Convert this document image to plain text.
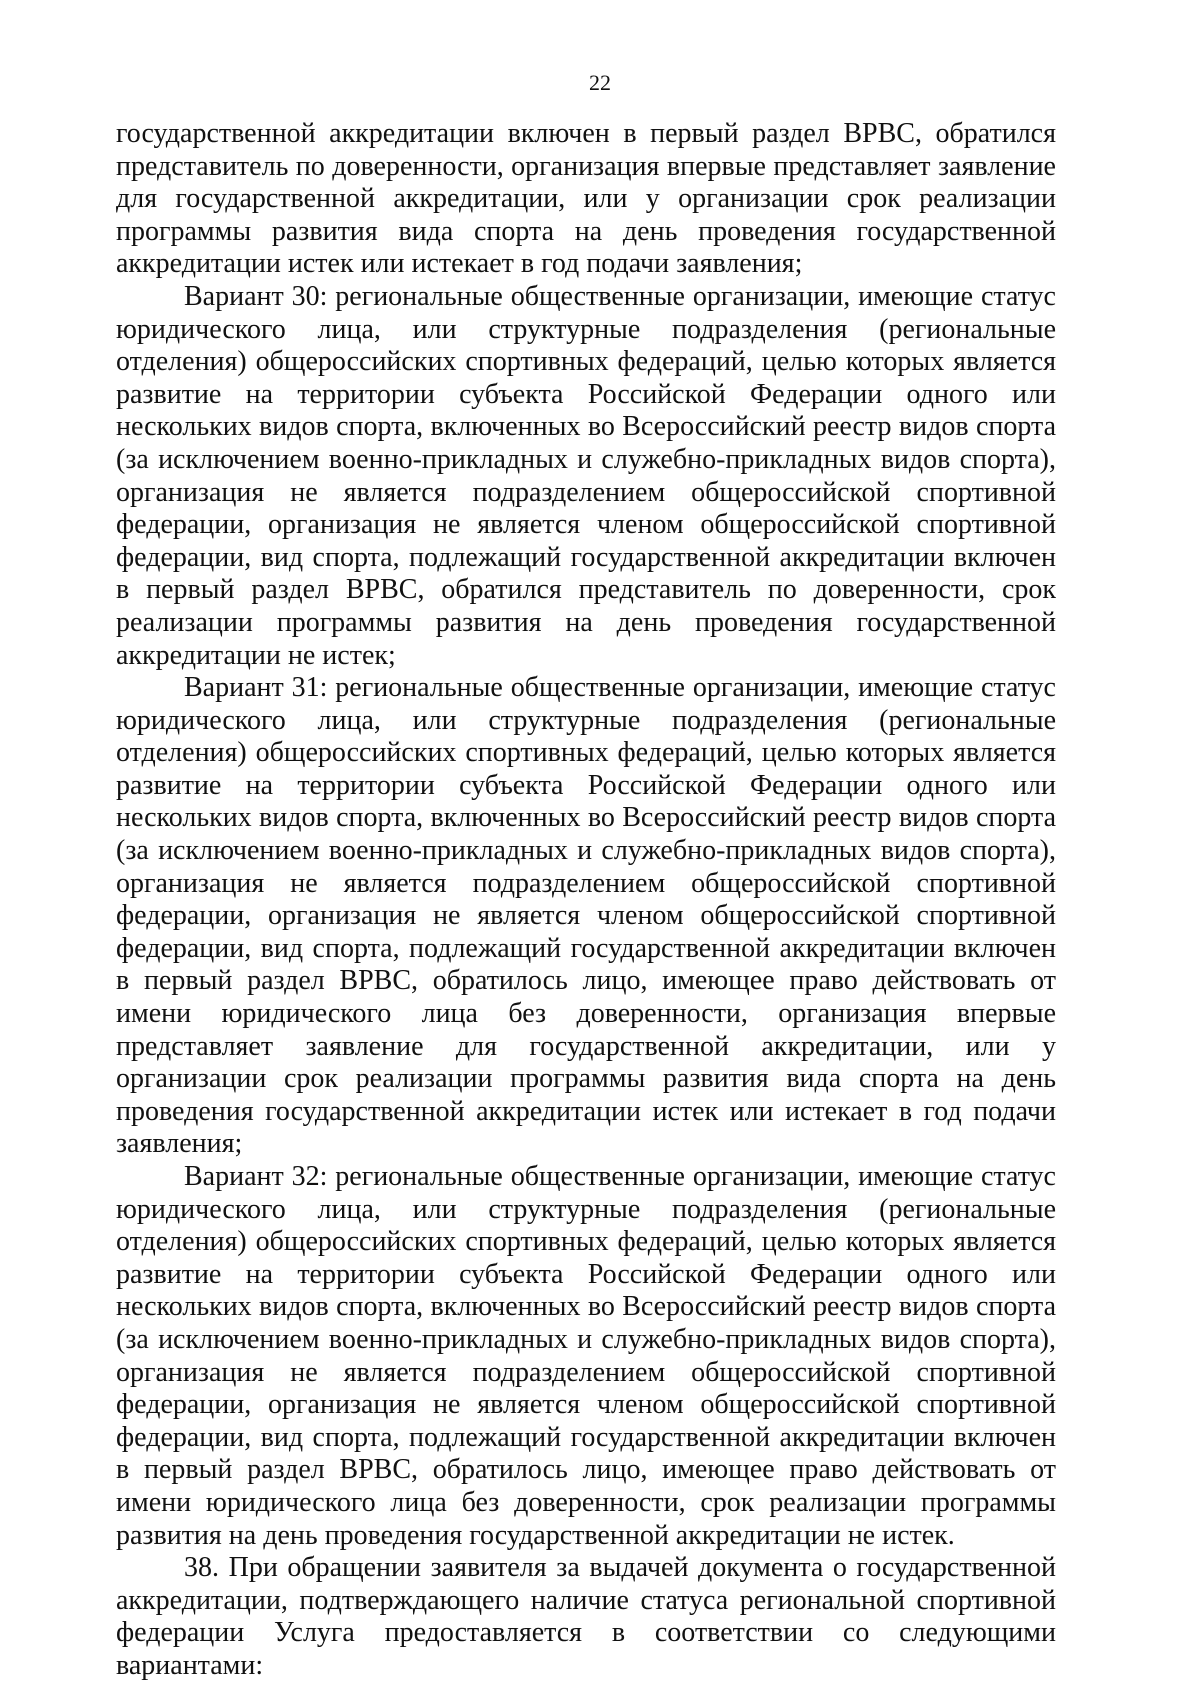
22

государственной аккредитации включен в первый раздел ВРВС, обратился представитель по доверенности, организация впервые представляет заявление для государственной аккредитации, или у организации срок реализации программы развития вида спорта на день проведения государственной аккредитации истек или истекает в год подачи заявления;

Вариант 30: региональные общественные организации, имеющие статус юридического лица, или структурные подразделения (региональные отделения) общероссийских спортивных федераций, целью которых является развитие на территории субъекта Российской Федерации одного или нескольких видов спорта, включенных во Всероссийский реестр видов спорта (за исключением военно-прикладных и служебно-прикладных видов спорта), организация не является подразделением общероссийской спортивной федерации, организация не является членом общероссийской спортивной федерации, вид спорта, подлежащий государственной аккредитации включен в первый раздел ВРВС, обратился представитель по доверенности, срок реализации программы развития на день проведения государственной аккредитации не истек;

Вариант 31: региональные общественные организации, имеющие статус юридического лица, или структурные подразделения (региональные отделения) общероссийских спортивных федераций, целью которых является развитие на территории субъекта Российской Федерации одного или нескольких видов спорта, включенных во Всероссийский реестр видов спорта (за исключением военно-прикладных и служебно-прикладных видов спорта), организация не является подразделением общероссийской спортивной федерации, организация не является членом общероссийской спортивной федерации, вид спорта, подлежащий государственной аккредитации включен в первый раздел ВРВС, обратилось лицо, имеющее право действовать от имени юридического лица без доверенности, организация впервые представляет заявление для государственной аккредитации, или у организации срок реализации программы развития вида спорта на день проведения государственной аккредитации истек или истекает в год подачи заявления;

Вариант 32: региональные общественные организации, имеющие статус юридического лица, или структурные подразделения (региональные отделения) общероссийских спортивных федераций, целью которых является развитие на территории субъекта Российской Федерации одного или нескольких видов спорта, включенных во Всероссийский реестр видов спорта (за исключением военно-прикладных и служебно-прикладных видов спорта), организация не является подразделением общероссийской спортивной федерации, организация не является членом общероссийской спортивной федерации, вид спорта, подлежащий государственной аккредитации включен в первый раздел ВРВС, обратилось лицо, имеющее право действовать от имени юридического лица без доверенности, срок реализации программы развития на день проведения государственной аккредитации не истек.

38. При обращении заявителя за выдачей документа о государственной аккредитации, подтверждающего наличие статуса региональной спортивной федерации Услуга предоставляется в соответствии со следующими вариантами:
